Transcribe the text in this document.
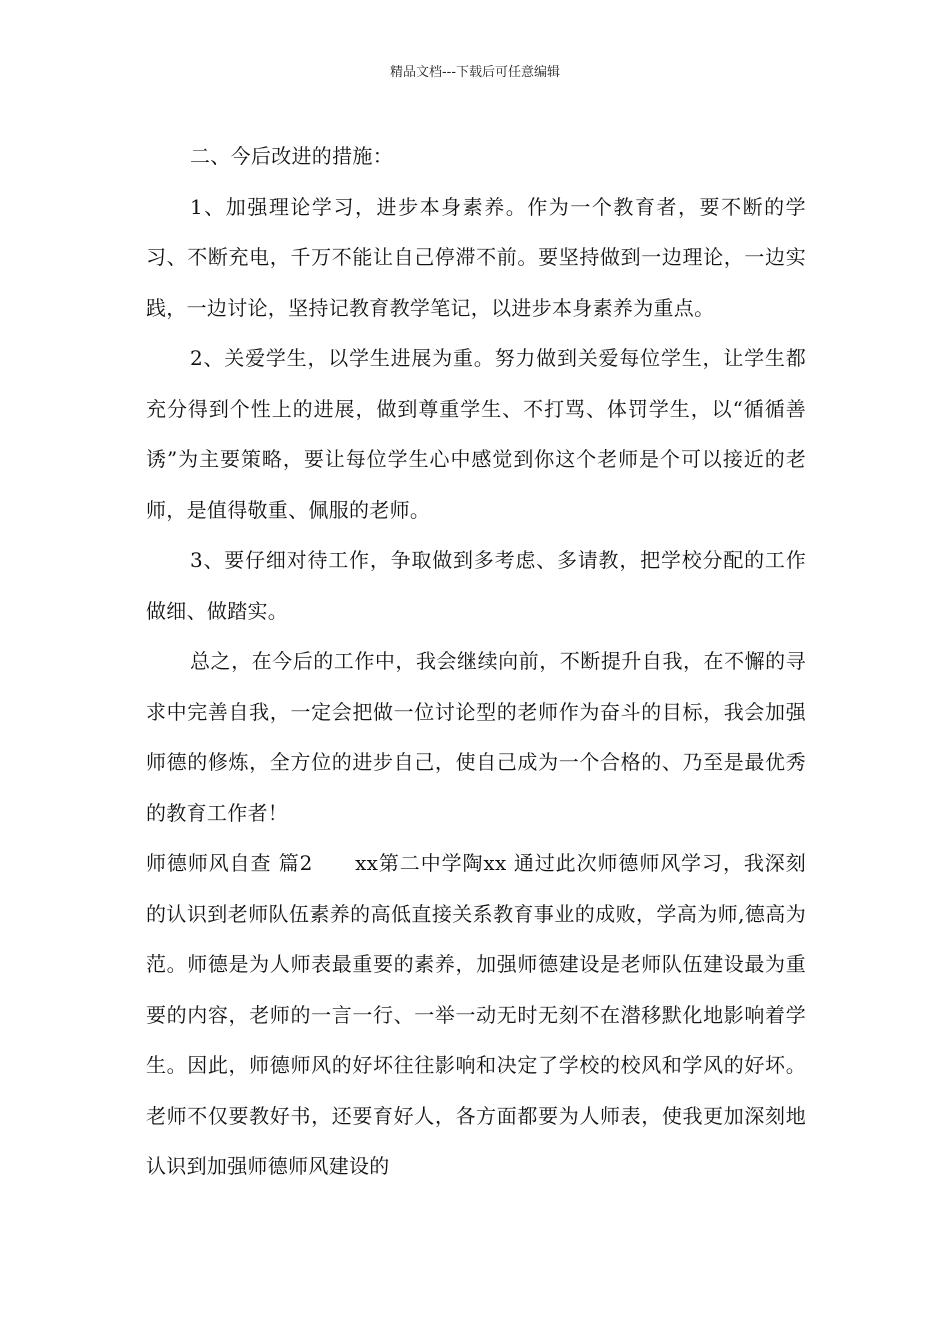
精品文档---下载后可任意编辑

二、今后改进的措施：

1、加强理论学习，进步本身素养。作为一个教育者，要不断的学习、不断充电，千万不能让自己停滞不前。要坚持做到一边理论，一边实践，一边讨论，坚持记教育教学笔记，以进步本身素养为重点。

2、关爱学生，以学生进展为重。努力做到关爱每位学生，让学生都充分得到个性上的进展，做到尊重学生、不打骂、体罚学生，以“循循善诱”为主要策略，要让每位学生心中感觉到你这个老师是个可以接近的老师，是值得敬重、佩服的老师。

3、要仔细对待工作，争取做到多考虑、多请教，把学校分配的工作做细、做踏实。

总之，在今后的工作中，我会继续向前，不断提升自我，在不懈的寻求中完善自我，一定会把做一位讨论型的老师作为奋斗的目标，我会加强师德的修炼，全方位的进步自己，使自己成为一个合格的、乃至是最优秀的教育工作者！

师德师风自查 篇2　　xx第二中学陶xx 通过此次师德师风学习，我深刻的认识到老师队伍素养的高低直接关系教育事业的成败，学高为师,德高为范。师德是为人师表最重要的素养，加强师德建设是老师队伍建设最为重要的内容，老师的一言一行、一举一动无时无刻不在潜移默化地影响着学生。因此，师德师风的好坏往往影响和决定了学校的校风和学风的好坏。老师不仅要教好书，还要育好人，各方面都要为人师表，使我更加深刻地认识到加强师德师风建设的
